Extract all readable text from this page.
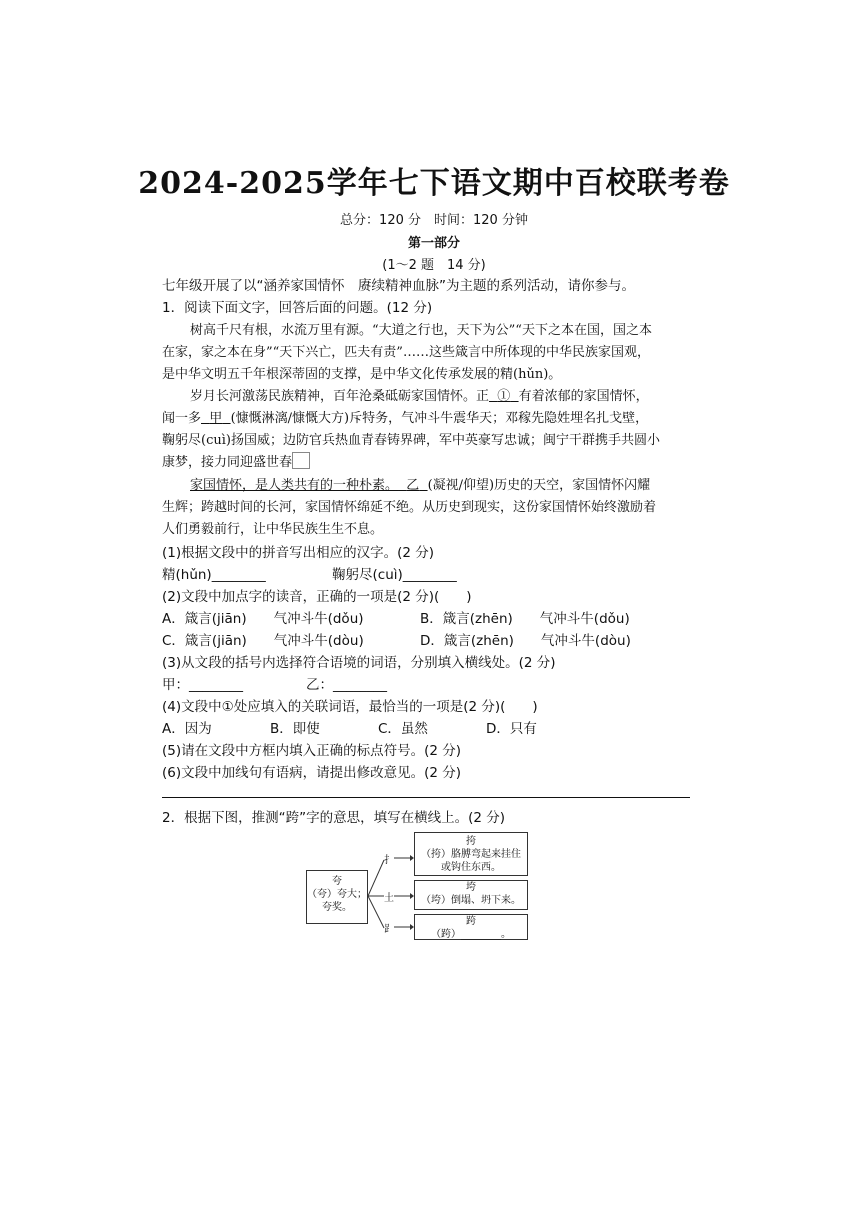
2024-2025学年七下语文期中百校联考卷
总分：120 分　时间：120 分钟
第一部分
(1～2 题　14 分)
七年级开展了以“涵养家国情怀　赓续精神血脉”为主题的系列活动，请你参与。
1．阅读下面文字，回答后面的问题。(12 分)
树高千尺有根，水流万里有源。“大道之行也，天下为公”“天下之本在国，国之本
在家，家之本在身”“天下兴亡，匹夫有责”……这些箴言中所体现的中华民族家国观，
是中华文明五千年根深蒂固的支撑，是中华文化传承发展的精(hǔn)。
岁月长河激荡民族精神，百年沧桑砥砺家国情怀。正 ① 有着浓郁的家国情怀，
闻一多 甲 (慷慨淋漓/慷慨大方)斥特务，气冲斗牛震华天；邓稼先隐姓埋名扎戈壁，
鞠躬尽(cuì)扬国威；边防官兵热血青春铸界碑，军中英豪写忠诚；闽宁干群携手共圆小
康梦，接力同迎盛世春
家国情怀，是人类共有的一种朴素。 乙 (凝视/仰望)历史的天空，家国情怀闪耀
生辉；跨越时间的长河，家国情怀绵延不绝。从历史到现实，这份家国情怀始终激励着
人们勇毅前行，让中华民族生生不息。
(1)根据文段中的拼音写出相应的汉字。(2 分)
精(hǔn)________	鞠躬尽(cuì)________
(2)文段中加点字的读音，正确的一项是(2 分)(　　)
A．箴言(jiān)　　气冲斗牛(dǒu)	B．箴言(zhēn)　　气冲斗牛(dǒu)
C．箴言(jiān)　　气冲斗牛(dòu)	D．箴言(zhēn)　　气冲斗牛(dòu)
(3)从文段的括号内选择符合语境的词语，分别填入横线处。(2 分)
甲：________	乙：________
(4)文段中①处应填入的关联词语，最恰当的一项是(2 分)(　　)
A．因为	B．即使	C．虽然	D．只有
(5)请在文段中方框内填入正确的标点符号。(2 分)
(6)文段中加线句有语病，请提出修改意见。(2 分)
2．根据下图，推测“跨”字的意思，填写在横线上。(2 分)
夸
（夸）夸大；
夸奖。
扌
土
⻊
挎
（挎）胳膊弯起来挂住
或钩住东西。
垮
（垮）倒塌、坍下来。
跨
（跨）________。
